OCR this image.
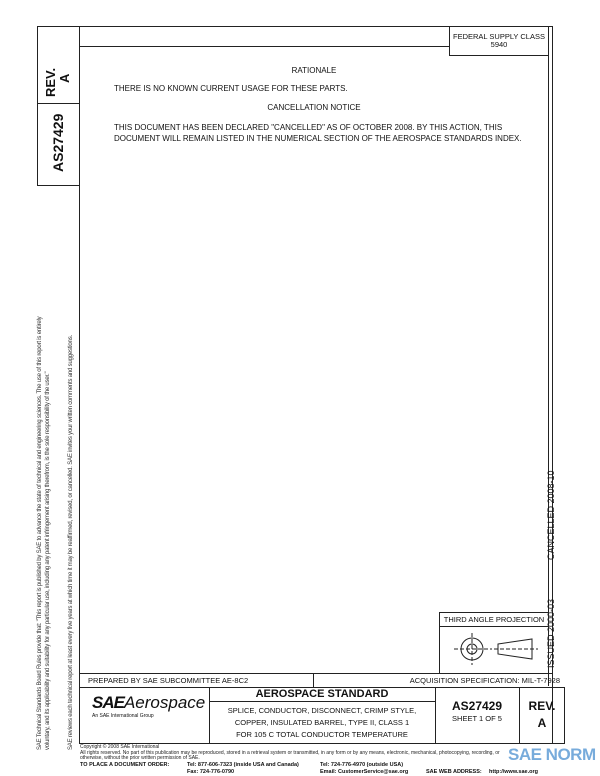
REV.
A
AS27429
FEDERAL SUPPLY CLASS
5940
RATIONALE
THERE IS NO KNOWN CURRENT USAGE FOR THESE PARTS.
CANCELLATION NOTICE
THIS DOCUMENT HAS BEEN DECLARED "CANCELLED" AS OF OCTOBER 2008. BY THIS ACTION, THIS
DOCUMENT WILL REMAIN LISTED IN THE NUMERICAL SECTION OF THE AEROSPACE STANDARDS INDEX.
ISSUED 2000-03
CANCELLED 2008-10
THIRD ANGLE PROJECTION
SAE Technical Standards Board Rules provide that: "This report is published by SAE to advance the state of technical and engineering sciences. The use of this report is entirely voluntary, and its applicability and suitability for any particular use, including any patent infringement arising therefrom, is the sole responsibility of the user."	SAE reviews each technical report at least every five years at which time it may be reaffirmed, revised, or cancelled. SAE invites your written comments and suggestions. PREPARED BY SAE SUBCOMMITTEE AE-8C2	ACQUISITION SPECIFICATION: MIL-T-7928
SAEAerospace
An SAE International Group
AEROSPACE STANDARD
SPLICE, CONDUCTOR, DISCONNECT, CRIMP STYLE,
COPPER, INSULATED BARREL, TYPE II, CLASS 1
FOR 105 C TOTAL CONDUCTOR TEMPERATURE
AS27429
SHEET 1 OF 5
REV.
A
Copyright © 2008 SAE International
All rights reserved. No part of this publication may be reproduced, stored in a retrieval system or transmitted, in any form or by any means, electronic, mechanical, photocopying, recording, or otherwise, without the prior written permission of SAE.
TO PLACE A DOCUMENT ORDER:	Tel: 877-606-7323 (inside USA and Canada)
Fax: 724-776-0790
Tel: 724-776-4970 (outside USA)
Email: CustomerService@sae.org	SAE WEB ADDRESS: http://www.sae.org
SAE NORM
